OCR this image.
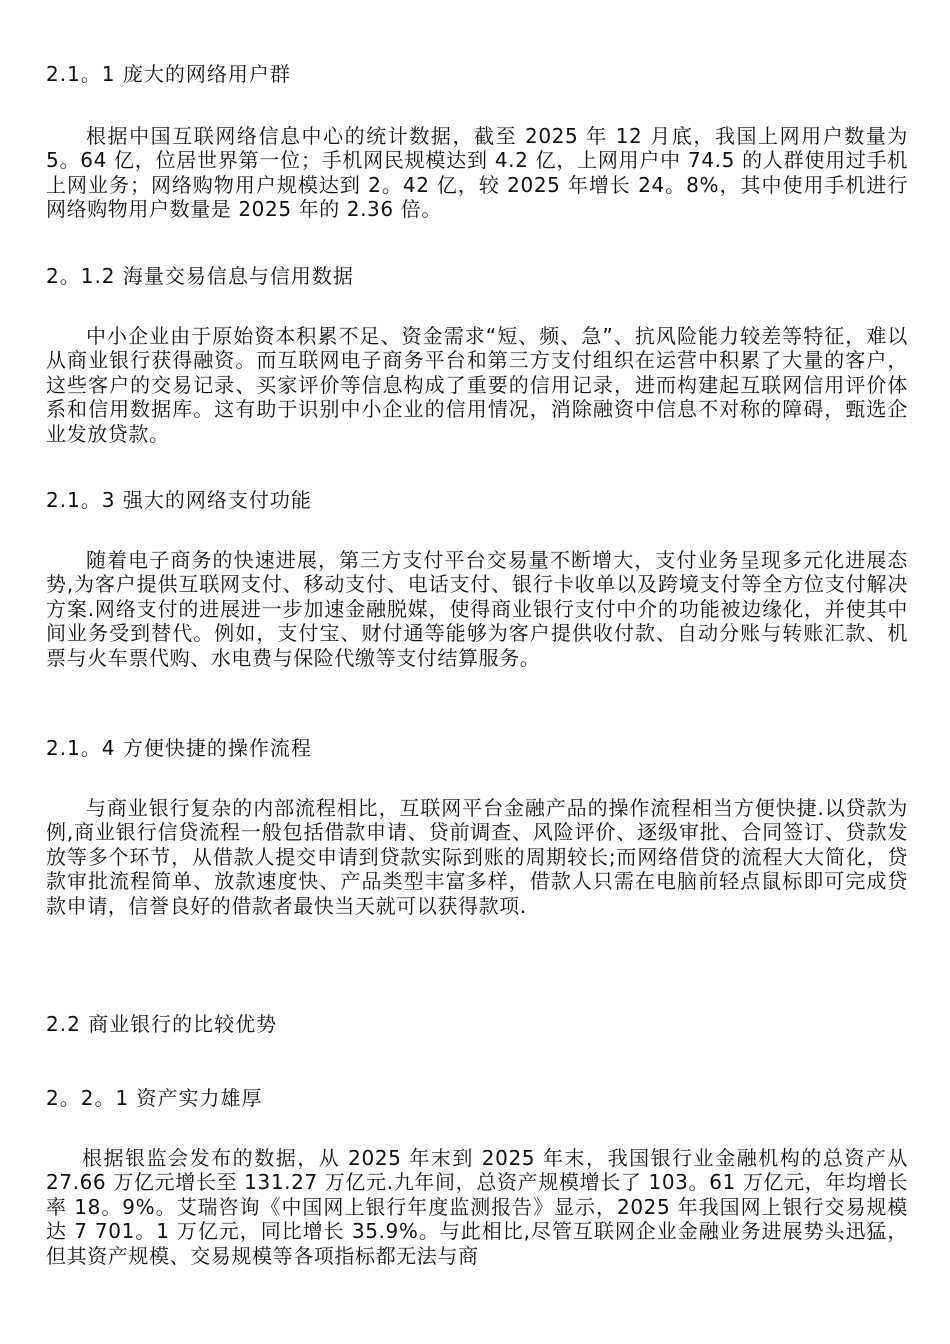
2.1。1 庞大的网络用户群
根据中国互联网络信息中心的统计数据，截至 2025 年 12 月底，我国上网用户数量为 5。64 亿，位居世界第一位；手机网民规模达到 4.2 亿，上网用户中 74.5 的人群使用过手机上网业务；网络购物用户规模达到 2。42 亿，较 2025 年增长 24。8%，其中使用手机进行网络购物用户数量是 2025 年的 2.36 倍。
2。1.2 海量交易信息与信用数据
中小企业由于原始资本积累不足、资金需求“短、频、急”、抗风险能力较差等特征，难以从商业银行获得融资。而互联网电子商务平台和第三方支付组织在运营中积累了大量的客户，这些客户的交易记录、买家评价等信息构成了重要的信用记录，进而构建起互联网信用评价体系和信用数据库。这有助于识别中小企业的信用情况，消除融资中信息不对称的障碍，甄选企业发放贷款。
2.1。3 强大的网络支付功能
随着电子商务的快速进展，第三方支付平台交易量不断增大，支付业务呈现多元化进展态势,为客户提供互联网支付、移动支付、电话支付、银行卡收单以及跨境支付等全方位支付解决方案.网络支付的进展进一步加速金融脱媒，使得商业银行支付中介的功能被边缘化，并使其中间业务受到替代。例如，支付宝、财付通等能够为客户提供收付款、自动分账与转账汇款、机票与火车票代购、水电费与保险代缴等支付结算服务。
2.1。4 方便快捷的操作流程
与商业银行复杂的内部流程相比，互联网平台金融产品的操作流程相当方便快捷.以贷款为例,商业银行信贷流程一般包括借款申请、贷前调查、风险评价、逐级审批、合同签订、贷款发放等多个环节，从借款人提交申请到贷款实际到账的周期较长;而网络借贷的流程大大简化，贷款审批流程简单、放款速度快、产品类型丰富多样，借款人只需在电脑前轻点鼠标即可完成贷款申请，信誉良好的借款者最快当天就可以获得款项.
2.2 商业银行的比较优势
2。2。1 资产实力雄厚
根据银监会发布的数据，从 2025 年末到 2025 年末，我国银行业金融机构的总资产从 27.66 万亿元增长至 131.27 万亿元.九年间，总资产规模增长了 103。61 万亿元，年均增长率 18。9%。艾瑞咨询《中国网上银行年度监测报告》显示，2025 年我国网上银行交易规模达 7 701。1 万亿元，同比增长 35.9%。与此相比,尽管互联网企业金融业务进展势头迅猛，但其资产规模、交易规模等各项指标都无法与商
